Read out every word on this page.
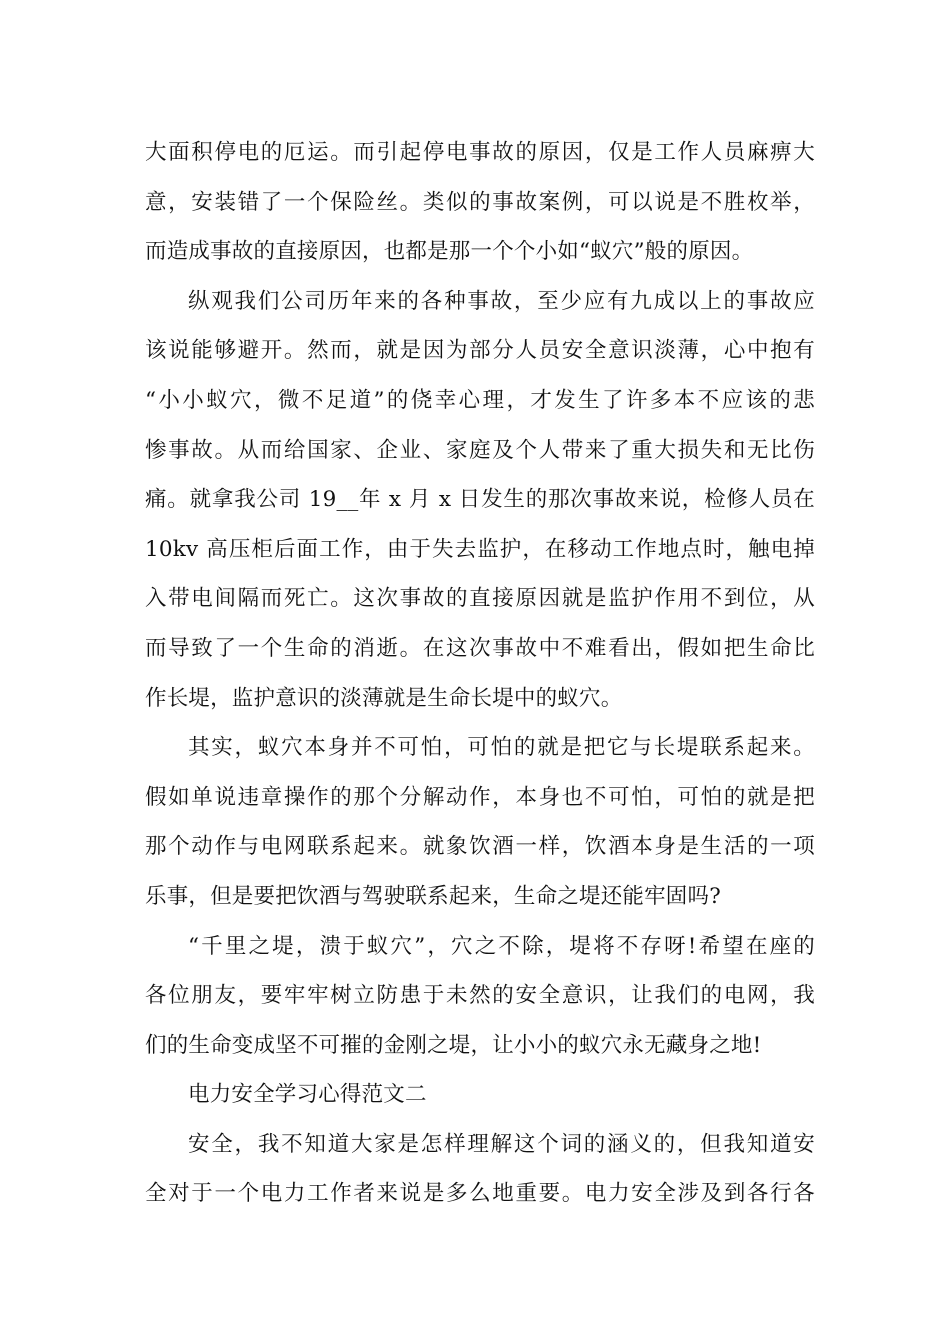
大面积停电的厄运。而引起停电事故的原因，仅是工作人员麻痹大
意，安装错了一个保险丝。类似的事故案例，可以说是不胜枚举，
而造成事故的直接原因，也都是那一个个小如“蚁穴”般的原因。
纵观我们公司历年来的各种事故，至少应有九成以上的事故应
该说能够避开。然而，就是因为部分人员安全意识淡薄，心中抱有
“小小蚁穴，微不足道”的侥幸心理，才发生了许多本不应该的悲
惨事故。从而给国家、企业、家庭及个人带来了重大损失和无比伤
痛。就拿我公司 19__年 x 月 x 日发生的那次事故来说，检修人员在
10kv 高压柜后面工作，由于失去监护，在移动工作地点时，触电掉
入带电间隔而死亡。这次事故的直接原因就是监护作用不到位，从
而导致了一个生命的消逝。在这次事故中不难看出，假如把生命比
作长堤，监护意识的淡薄就是生命长堤中的蚁穴。
其实，蚁穴本身并不可怕，可怕的就是把它与长堤联系起来。
假如单说违章操作的那个分解动作，本身也不可怕，可怕的就是把
那个动作与电网联系起来。就象饮酒一样，饮酒本身是生活的一项
乐事，但是要把饮酒与驾驶联系起来，生命之堤还能牢固吗?
“千里之堤，溃于蚁穴”，穴之不除，堤将不存呀!希望在座的
各位朋友，要牢牢树立防患于未然的安全意识，让我们的电网，我
们的生命变成坚不可摧的金刚之堤，让小小的蚁穴永无藏身之地!
电力安全学习心得范文二
安全，我不知道大家是怎样理解这个词的涵义的，但我知道安
全对于一个电力工作者来说是多么地重要。电力安全涉及到各行各
